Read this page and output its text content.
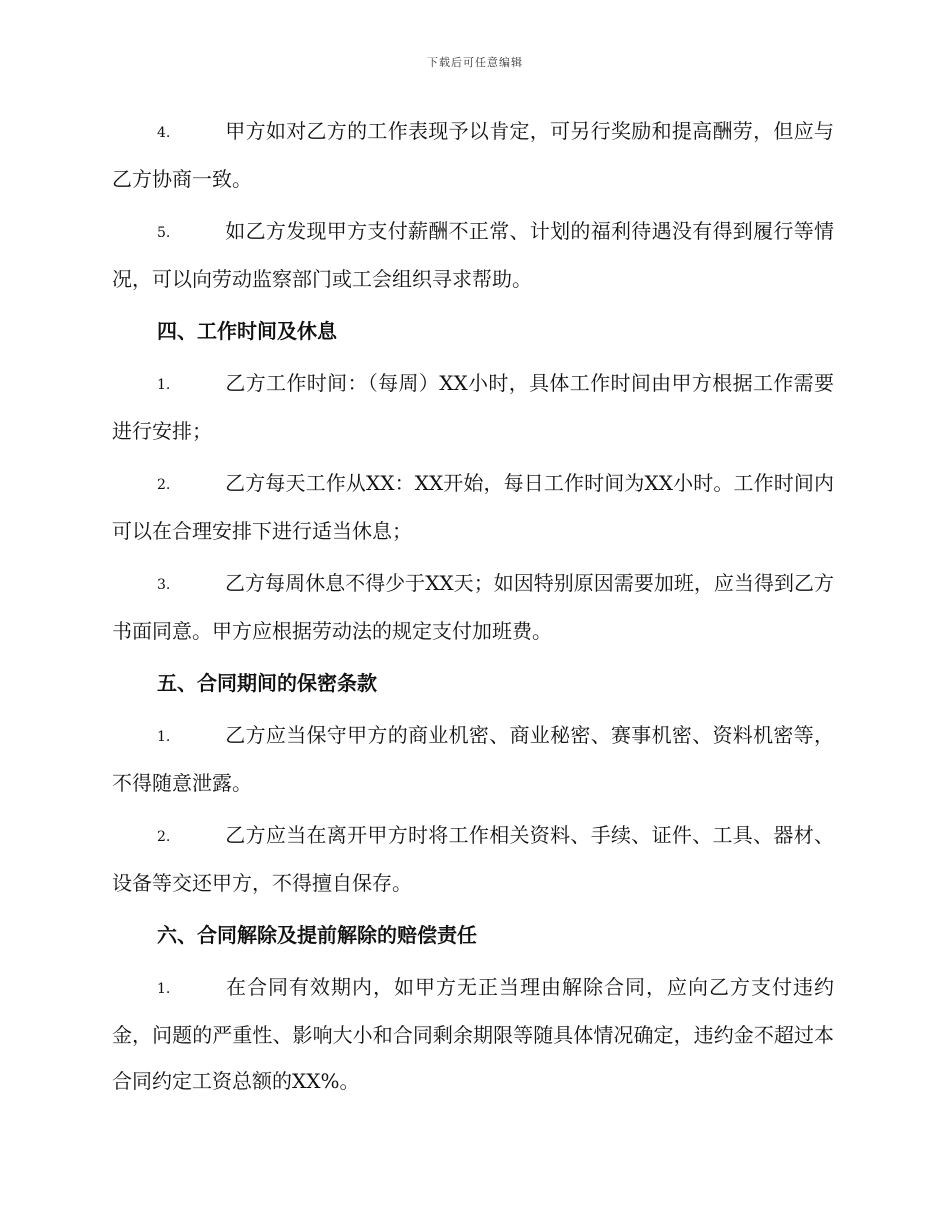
下载后可任意编辑

4.	甲方如对乙方的工作表现予以肯定，可另行奖励和提高酬劳，但应与乙方协商一致。

5.	如乙方发现甲方支付薪酬不正常、计划的福利待遇没有得到履行等情况，可以向劳动监察部门或工会组织寻求帮助。

四、工作时间及休息

1.	乙方工作时间：（每周）XX小时，具体工作时间由甲方根据工作需要进行安排；

2.	乙方每天工作从XX：XX开始，每日工作时间为XX小时。工作时间内可以在合理安排下进行适当休息；

3.	乙方每周休息不得少于XX天；如因特别原因需要加班，应当得到乙方书面同意。甲方应根据劳动法的规定支付加班费。

五、合同期间的保密条款

1.	乙方应当保守甲方的商业机密、商业秘密、赛事机密、资料机密等，不得随意泄露。

2.	乙方应当在离开甲方时将工作相关资料、手续、证件、工具、器材、设备等交还甲方，不得擅自保存。

六、合同解除及提前解除的赔偿责任

1.	在合同有效期内，如甲方无正当理由解除合同，应向乙方支付违约金，问题的严重性、影响大小和合同剩余期限等随具体情况确定，违约金不超过本合同约定工资总额的XX%。
